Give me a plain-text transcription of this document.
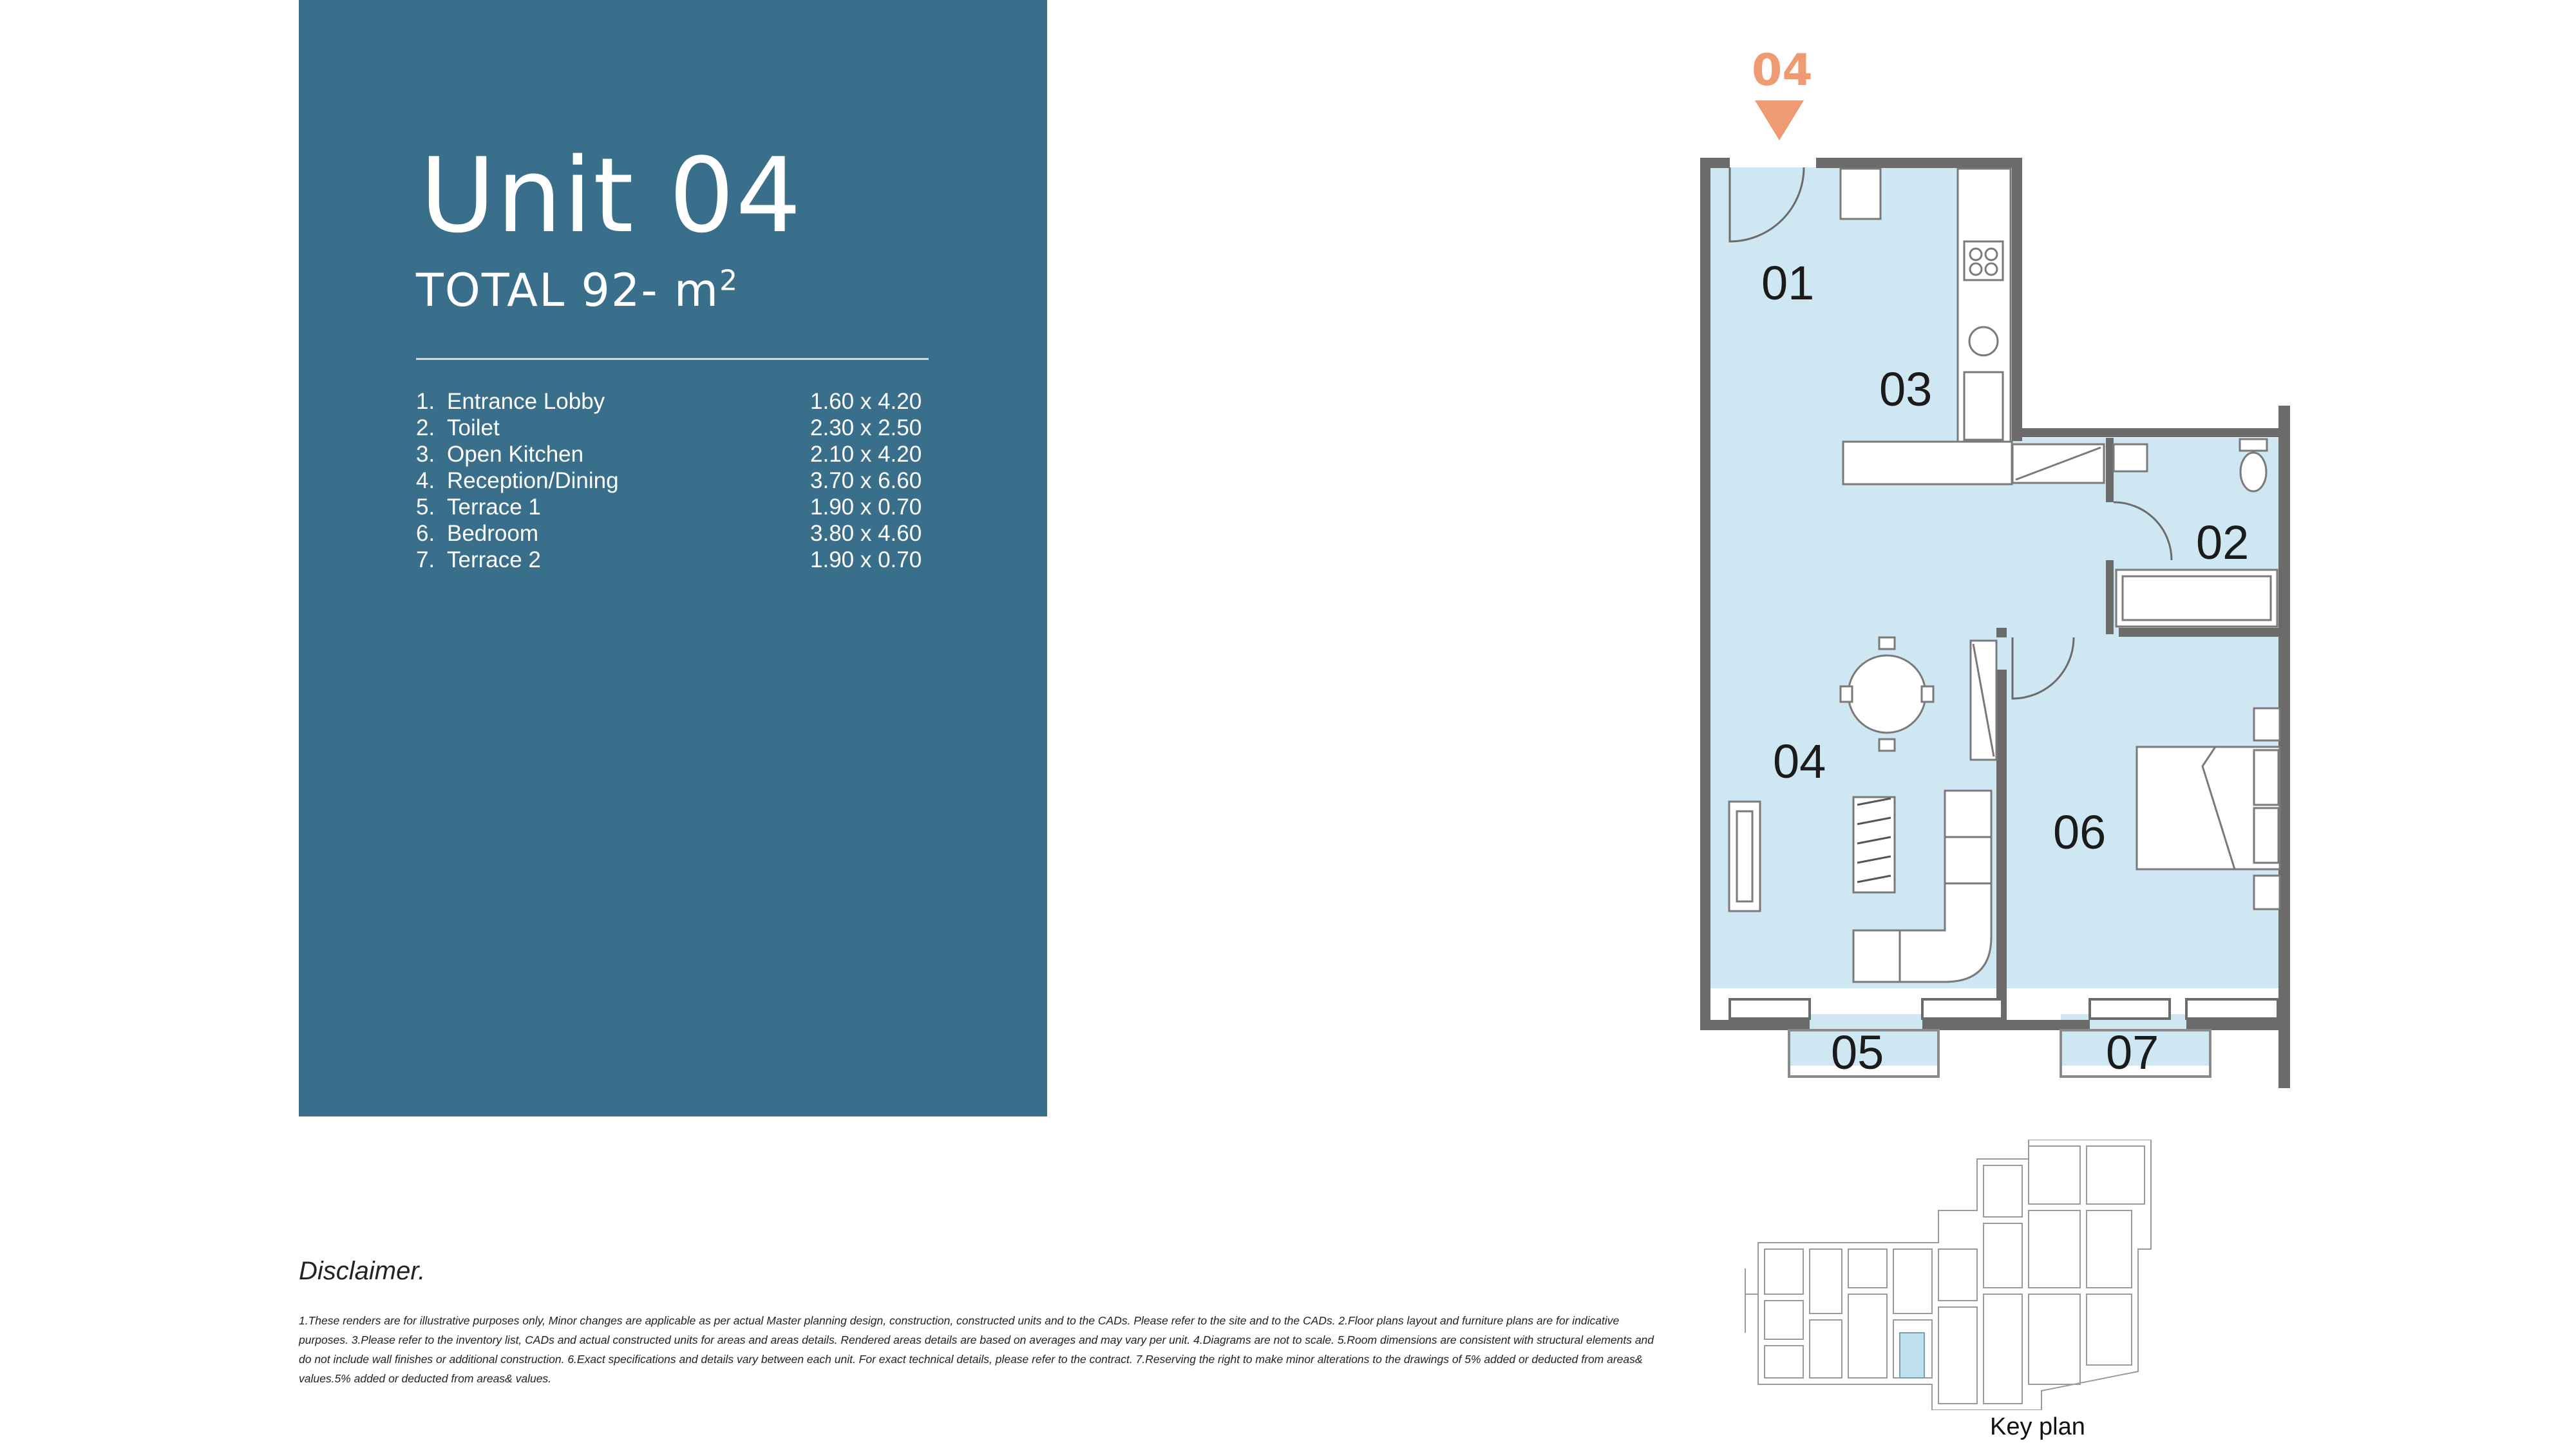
Unit 04
TOTAL 92- $m^2$
1. Entrance Lobby	1.60 x 4.20
2. Toilet	2.30 x 2.50
3. Open Kitchen	2.10 x 4.20
4. Reception/Dining	3.70 x 6.60
5. Terrace 1	1.90 x 0.70
6. Bedroom	3.80 x 4.60
7. Terrace 2	1.90 x 0.70
Disclaimer.
1.These renders are for illustrative purposes only, Minor changes are applicable as per actual Master planning design, construction, constructed units and to the CADs. Please refer to the site and to the CADs. 2.Floor plans layout and furniture plans are for indicative purposes. 3.Please refer to the inventory list, CADs and actual constructed units for areas and areas details. Rendered areas details are based on averages and may vary per unit. 4.Diagrams are not to scale. 5.Room dimensions are consistent with structural elements and do not include wall finishes or additional construction. 6.Exact specifications and details vary between each unit. For exact technical details, please refer to the contract. 7.Reserving the right to make minor alterations to the drawings of 5% added or deducted from areas& values.5% added or deducted from areas& values.
04
01
03
02
04
06
05	07
Key plan
